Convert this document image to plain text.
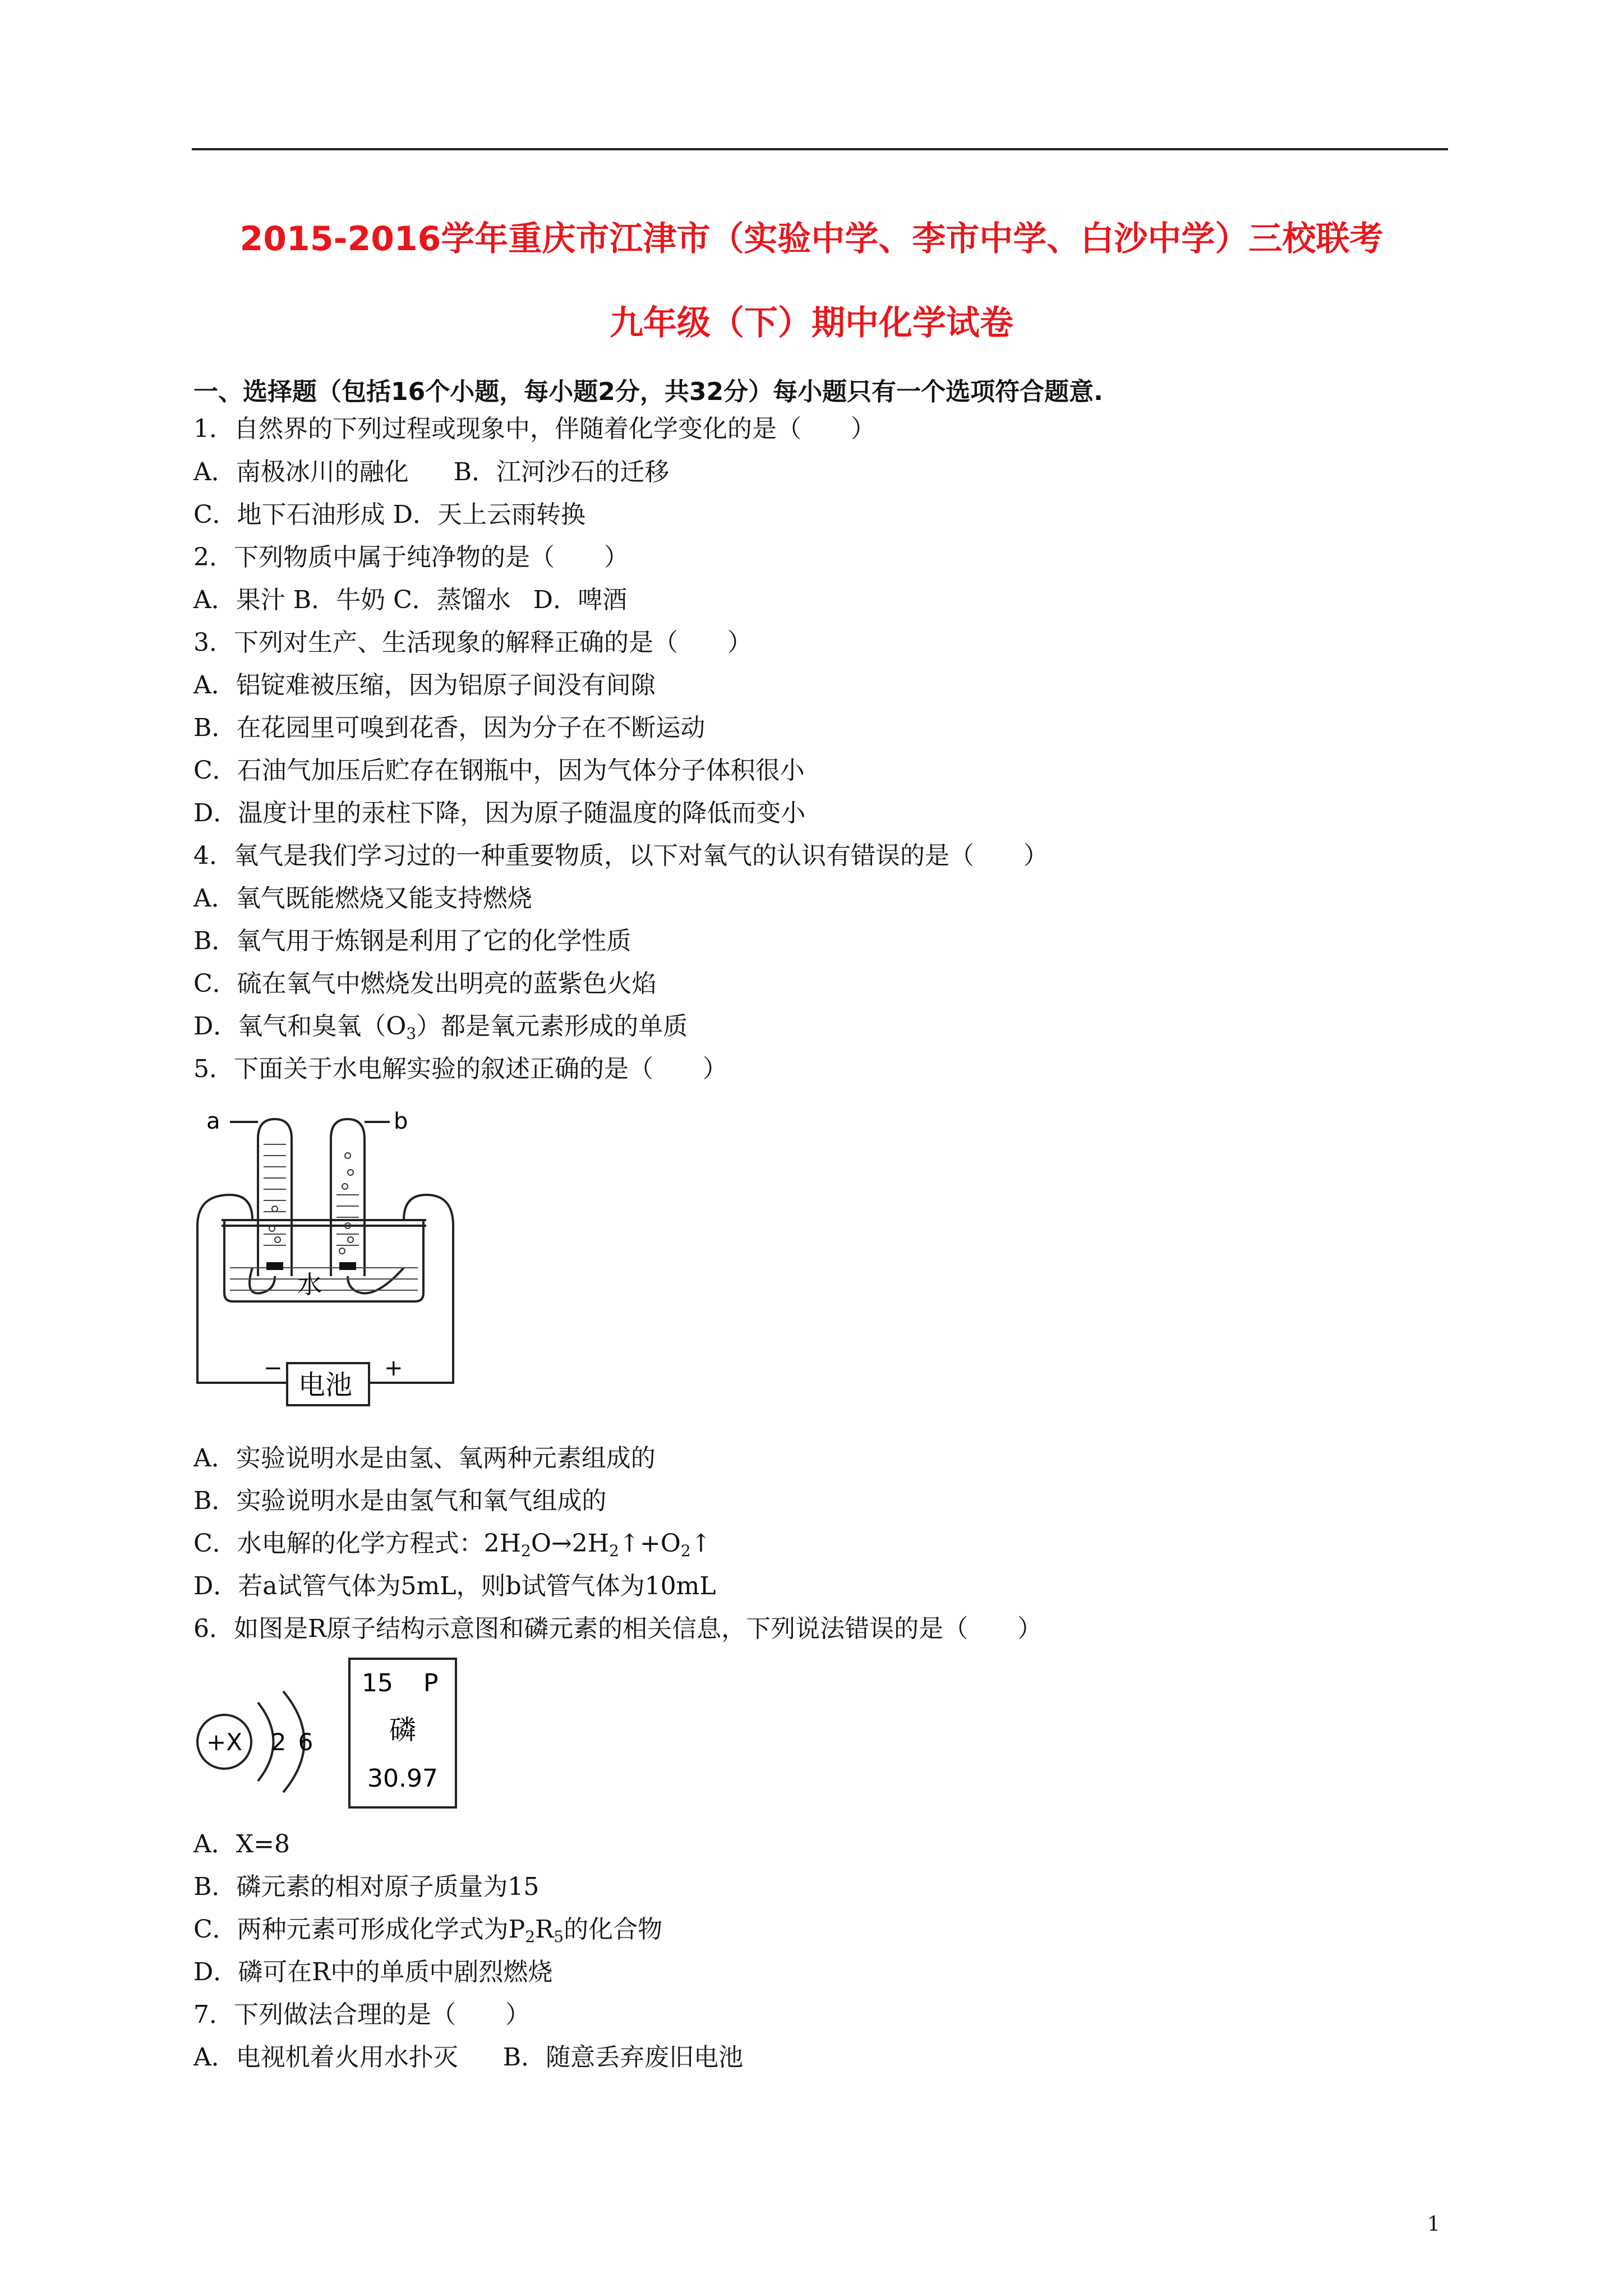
2015-2016学年重庆市江津市（实验中学、李市中学、白沙中学）三校联考
九年级（下）期中化学试卷
一、选择题（包括16个小题，每小题2分，共32分）每小题只有一个选项符合题意.
1．自然界的下列过程或现象中，伴随着化学变化的是（　　）
A．南极冰川的融化 B．江河沙石的迁移
C．地下石油形成 D．天上云雨转换
2．下列物质中属于纯净物的是（　　）
A．果汁 B．牛奶 C．蒸馏水 D．啤酒
3．下列对生产、生活现象的解释正确的是（　　）
A．铝锭难被压缩，因为铝原子间没有间隙
B．在花园里可嗅到花香，因为分子在不断运动
C．石油气加压后贮存在钢瓶中，因为气体分子体积很小
D．温度计里的汞柱下降，因为原子随温度的降低而变小
4．氧气是我们学习过的一种重要物质，以下对氧气的认识有错误的是（　　）
A．氧气既能燃烧又能支持燃烧
B．氧气用于炼钢是利用了它的化学性质
C．硫在氧气中燃烧发出明亮的蓝紫色火焰
D．氧气和臭氧$(O_3)$都是氧元素形成的单质
5．下面关于水电解实验的叙述正确的是（　　）
a	b
水
电池
−	+
A．实验说明水是由氢、氧两种元素组成的
B．实验说明水是由氢气和氧气组成的
C．水电解的化学方程式：$2H_2O\to 2H_2↑+O_2↑$
D．若a试管气体为5mL，则b试管气体为10mL
6．如图是R原子结构示意图和磷元素的相关信息，下列说法错误的是（　　）
+X 2 6
15 P
磷
30.97
A．X=8
B．磷元素的相对原子质量为15
C．两种元素可形成化学式为$P_2R_5$的化合物
D．磷可在R中的单质中剧烈燃烧
7．下列做法合理的是（　　）
A．电视机着火用水扑灭 B．随意丢弃废旧电池
1
